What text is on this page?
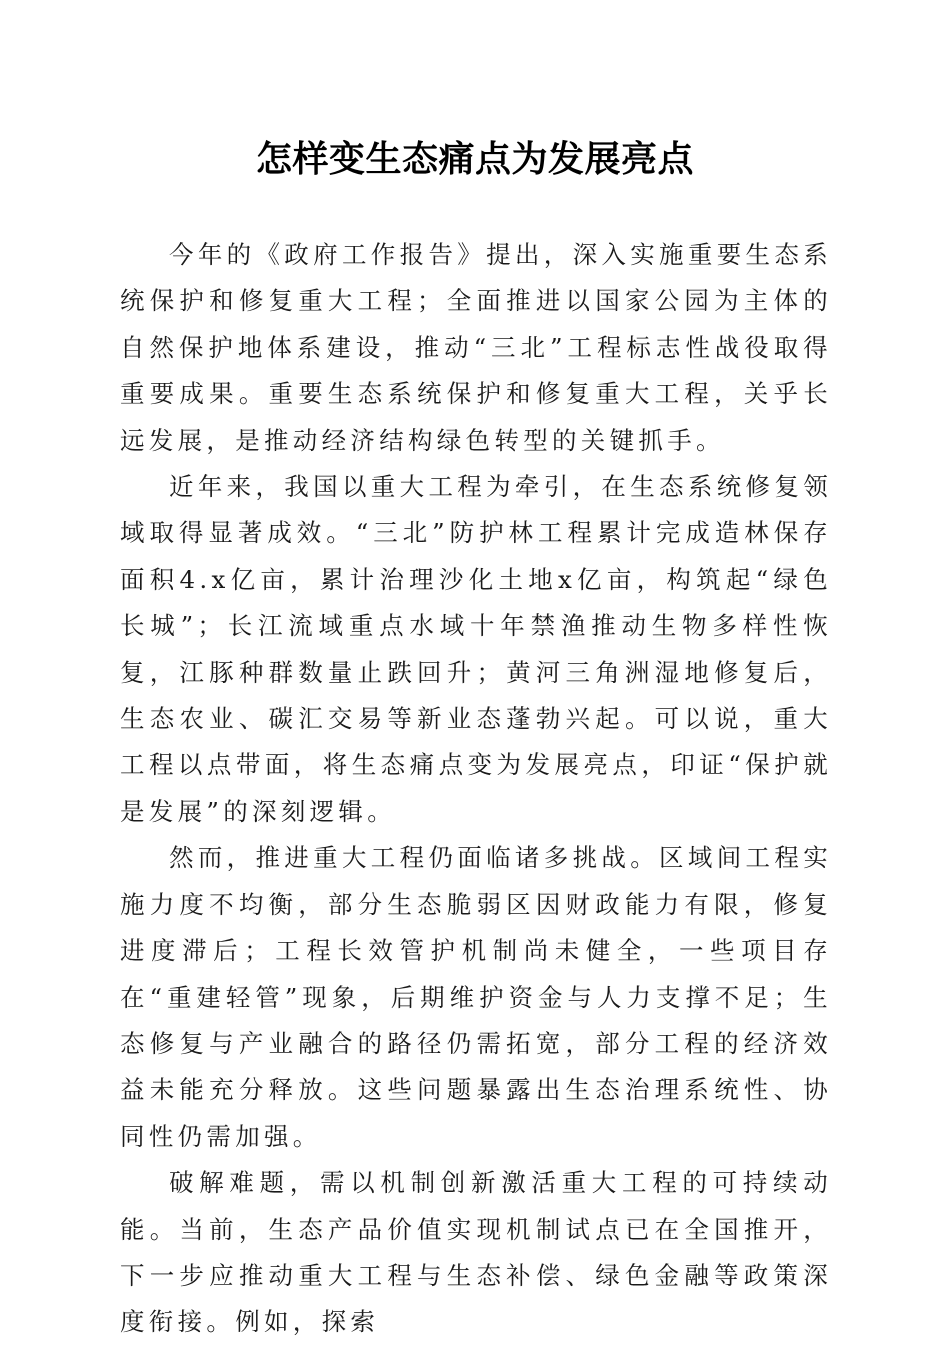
怎样变生态痛点为发展亮点

今年的《政府工作报告》提出，深入实施重要生态系统保护和修复重大工程；全面推进以国家公园为主体的自然保护地体系建设，推动“三北”工程标志性战役取得重要成果。重要生态系统保护和修复重大工程，关乎长远发展，是推动经济结构绿色转型的关键抓手。

近年来，我国以重大工程为牵引，在生态系统修复领域取得显著成效。“三北”防护林工程累计完成造林保存面积4.x亿亩，累计治理沙化土地x亿亩，构筑起“绿色长城”；长江流域重点水域十年禁渔推动生物多样性恢复，江豚种群数量止跌回升；黄河三角洲湿地修复后，生态农业、碳汇交易等新业态蓬勃兴起。可以说，重大工程以点带面，将生态痛点变为发展亮点，印证“保护就是发展”的深刻逻辑。

然而，推进重大工程仍面临诸多挑战。区域间工程实施力度不均衡，部分生态脆弱区因财政能力有限，修复进度滞后；工程长效管护机制尚未健全，一些项目存在“重建轻管”现象，后期维护资金与人力支撑不足；生态修复与产业融合的路径仍需拓宽，部分工程的经济效益未能充分释放。这些问题暴露出生态治理系统性、协同性仍需加强。

破解难题，需以机制创新激活重大工程的可持续动能。当前，生态产品价值实现机制试点已在全国推开，下一步应推动重大工程与生态补偿、绿色金融等政策深度衔接。例如，探索
